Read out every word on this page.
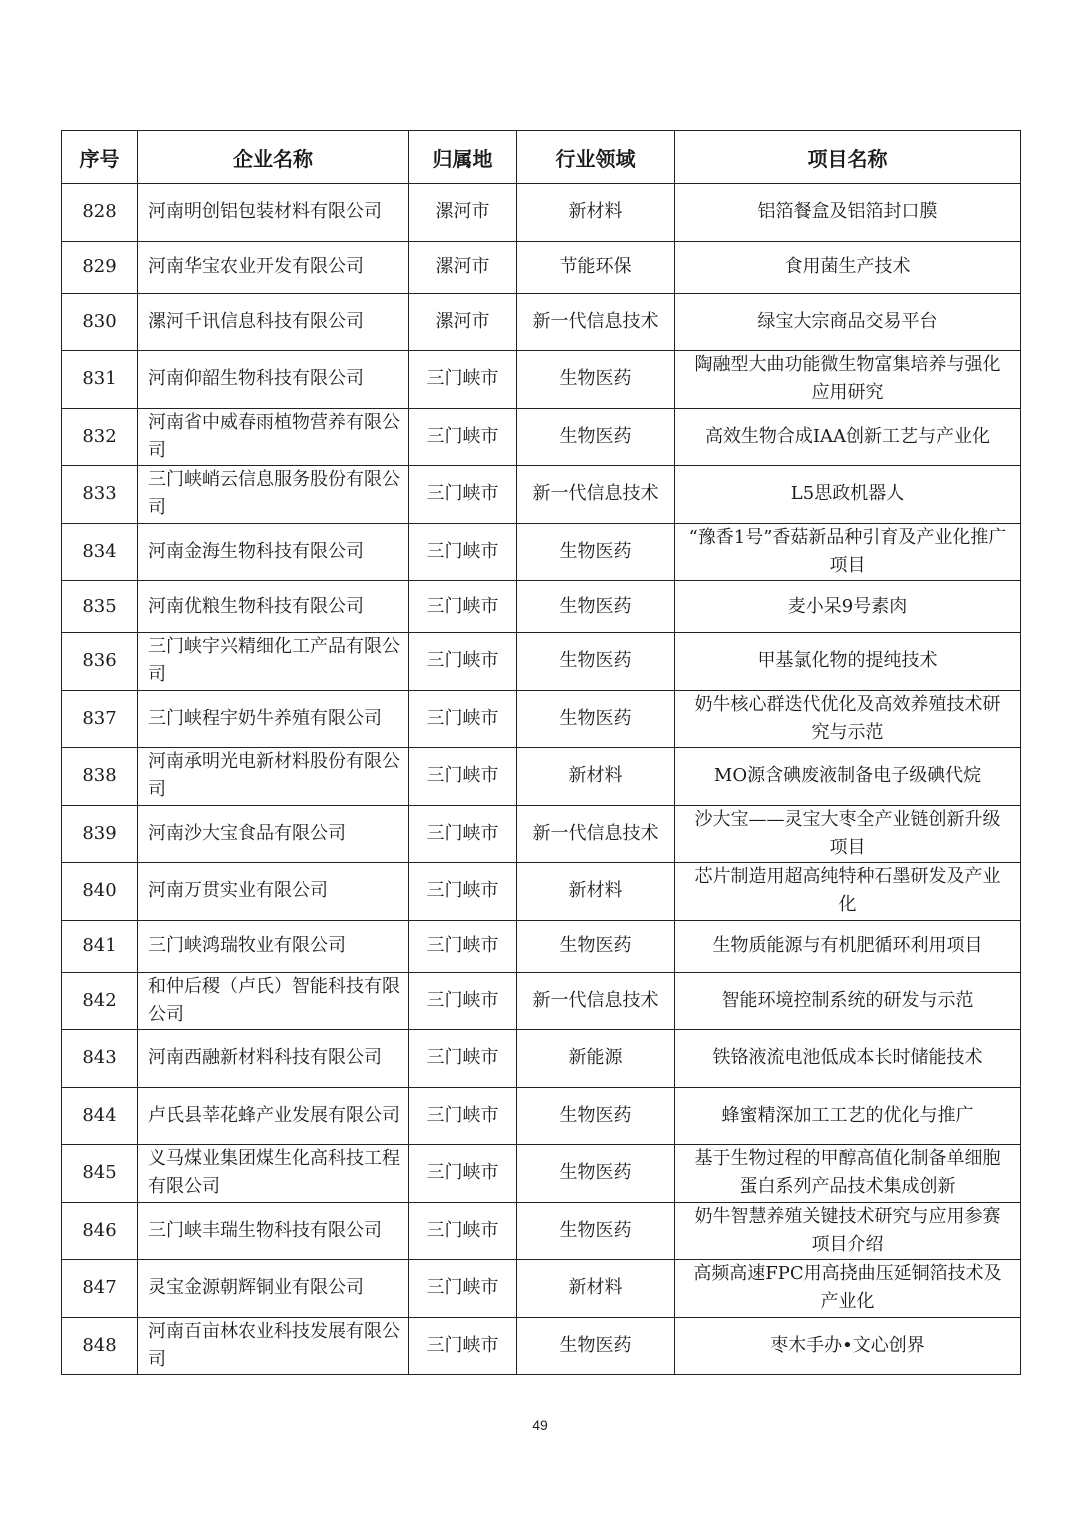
序号	企业名称	归属地	行业领域	项目名称
828	河南明创铝包装材料有限公司	漯河市	新材料	铝箔餐盒及铝箔封口膜
829	河南华宝农业开发有限公司	漯河市	节能环保	食用菌生产技术
830	漯河千讯信息科技有限公司	漯河市	新一代信息技术	绿宝大宗商品交易平台
831	河南仰韶生物科技有限公司	三门峡市	生物医药	陶融型大曲功能微生物富集培养与强化应用研究
832	河南省中威春雨植物营养有限公司	三门峡市	生物医药	高效生物合成IAA创新工艺与产业化
833	三门峡峭云信息服务股份有限公司	三门峡市	新一代信息技术	L5思政机器人
834	河南金海生物科技有限公司	三门峡市	生物医药	“豫香1号”香菇新品种引育及产业化推广项目
835	河南优粮生物科技有限公司	三门峡市	生物医药	麦小呆9号素肉
836	三门峡宇兴精细化工产品有限公司	三门峡市	生物医药	甲基氯化物的提纯技术
837	三门峡程宇奶牛养殖有限公司	三门峡市	生物医药	奶牛核心群迭代优化及高效养殖技术研究与示范
838	河南承明光电新材料股份有限公司	三门峡市	新材料	MO源含碘废液制备电子级碘代烷
839	河南沙大宝食品有限公司	三门峡市	新一代信息技术	沙大宝——灵宝大枣全产业链创新升级项目
840	河南万贯实业有限公司	三门峡市	新材料	芯片制造用超高纯特种石墨研发及产业化
841	三门峡鸿瑞牧业有限公司	三门峡市	生物医药	生物质能源与有机肥循环利用项目
842	和仲后稷（卢氏）智能科技有限公司	三门峡市	新一代信息技术	智能环境控制系统的研发与示范
843	河南西融新材料科技有限公司	三门峡市	新能源	铁铬液流电池低成本长时储能技术
844	卢氏县莘花蜂产业发展有限公司	三门峡市	生物医药	蜂蜜精深加工工艺的优化与推广
845	义马煤业集团煤生化高科技工程有限公司	三门峡市	生物医药	基于生物过程的甲醇高值化制备单细胞蛋白系列产品技术集成创新
846	三门峡丰瑞生物科技有限公司	三门峡市	生物医药	奶牛智慧养殖关键技术研究与应用参赛项目介绍
847	灵宝金源朝辉铜业有限公司	三门峡市	新材料	高频高速FPC用高挠曲压延铜箔技术及产业化
848	河南百亩林农业科技发展有限公司	三门峡市	生物医药	枣木手办•文心创界
49
